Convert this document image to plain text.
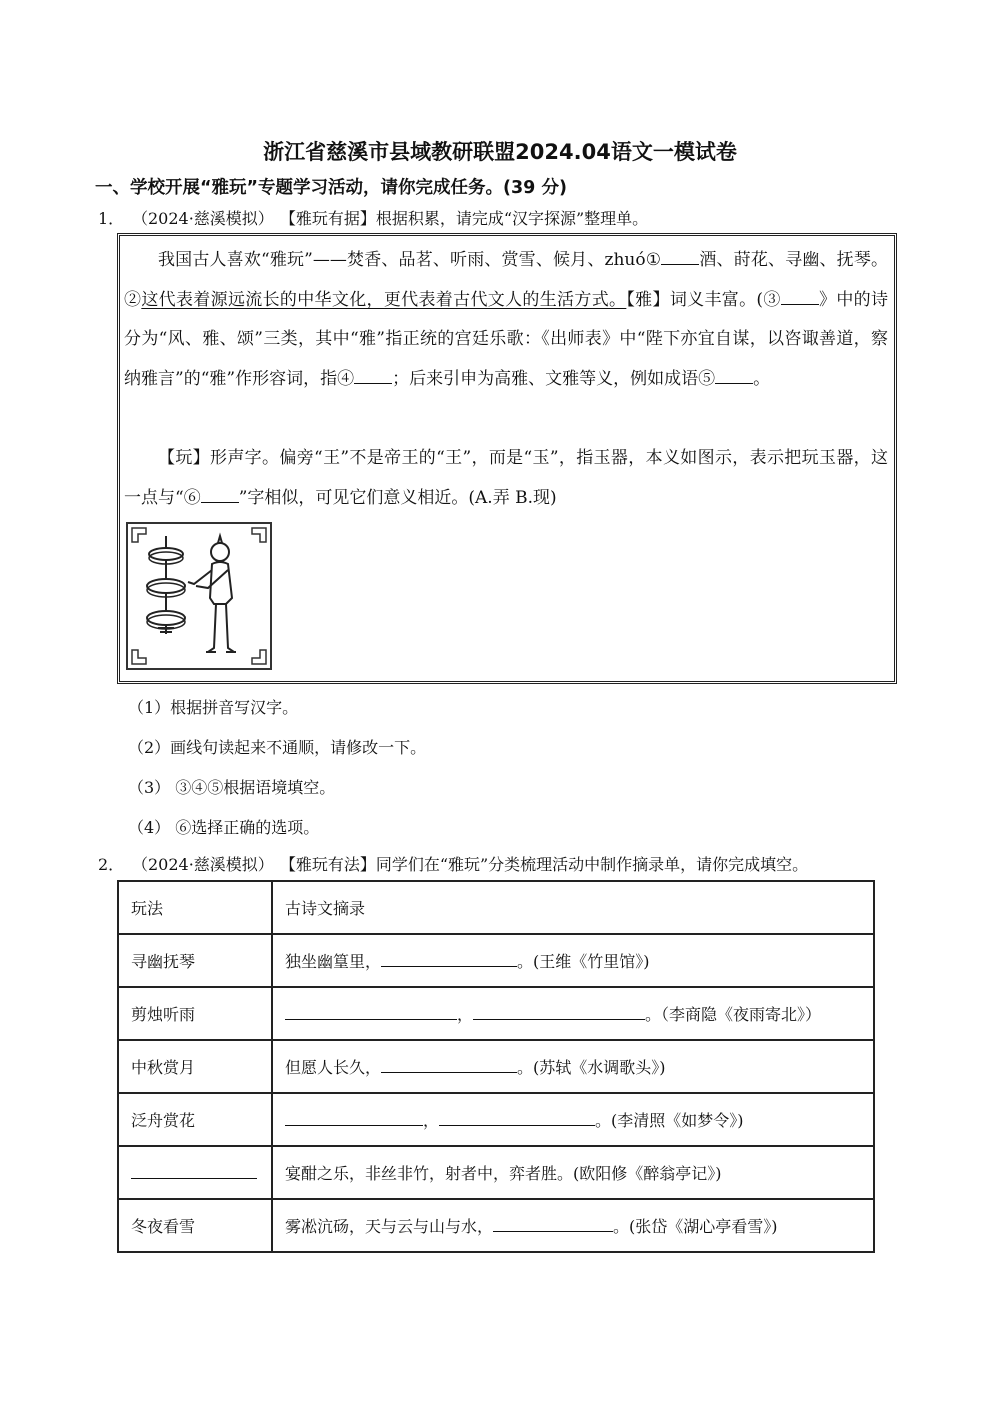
浙江省慈溪市县域教研联盟2024.04语文一模试卷
一、学校开展“雅玩”专题学习活动，请你完成任务。(39 分)
1． （2024·慈溪模拟） 【雅玩有据】根据积累，请完成“汉字探源”整理单。

我国古人喜欢“雅玩”——焚香、品茗、听雨、赏雪、候月、zhuó① 酒、莳花、寻幽、抚琴。②这代表着源远流长的中华文化，更代表着古代文人的生活方式。【雅】词义丰富。(③ 》中的诗分为“风、雅、颂”三类，其中“雅”指正统的宫廷乐歌：《出师表》中“陛下亦宜自谋，以咨诹善道，察纳雅言”的“雅”作形容词，指④ ；后来引申为高雅、文雅等义，例如成语⑤ 。

【玩】形声字。偏旁“王”不是帝王的“王”，而是“玉”，指玉器，本义如图示，表示把玩玉器，这一点与“⑥ ”字相似，可见它们意义相近。(A.弄 B.现)

（1）根据拼音写汉字。
（2）画线句读起来不通顺，请修改一下。
（3） ③④⑤根据语境填空。
（4） ⑥选择正确的选项。
2． （2024·慈溪模拟） 【雅玩有法】同学们在“雅玩”分类梳理活动中制作摘录单，请你完成填空。
玩法	古诗文摘录
寻幽抚琴	独坐幽篁里， 。(王维《竹里馆》)
剪烛听雨	， 。（李商隐《夜雨寄北》）
中秋赏月	但愿人长久， 。(苏轼《水调歌头》)
泛舟赏花	， 。(李清照《如梦令》)
	宴酣之乐，非丝非竹，射者中，弈者胜。(欧阳修《醉翁亭记》)
冬夜看雪	雾凇沆砀，天与云与山与水， 。(张岱《湖心亭看雪》)
